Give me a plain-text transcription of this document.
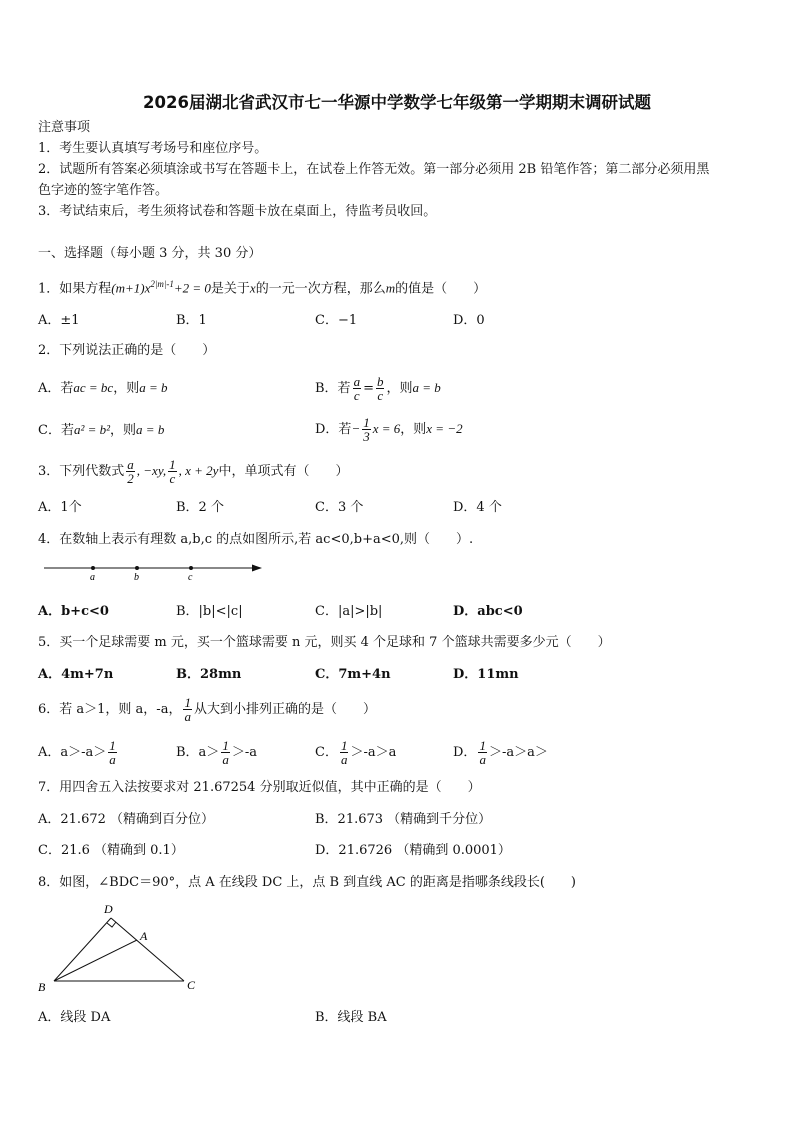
2026届湖北省武汉市七一华源中学数学七年级第一学期期末调研试题
注意事项
1．考生要认真填写考场号和座位序号。
2．试题所有答案必须填涂或书写在答题卡上，在试卷上作答无效。第一部分必须用 2B 铅笔作答；第二部分必须用黑
色字迹的签字笔作答。
3．考试结束后，考生须将试卷和答题卡放在桌面上，待监考员收回。
一、选择题（每小题 3 分，共 30 分）
1．如果方程$(m+1)x^{2|m|-1}+2 = 0$是关于x的一元一次方程，那么m的值是（　　）
A．±1	B．1	C．−1	D．0
2．下列说法正确的是（　　）
A．若ac = bc，则a = b	B．若 $\frac{a}{c} = \frac{b}{c}$ ，则a = b
C．若a² = b²，则a = b	D．若− $\frac{1}{3}$ x = 6，则x = −2
3．下列代数式 $\frac{a}{2}$ , −xy, $\frac{1}{c}$ , x + 2y中，单项式有（　　）
A．1个	B．2 个	C．3 个	D．4 个
4．在数轴上表示有理数 a,b,c 的点如图所示,若 ac<0,b+a<0,则（　　）.
a	b	c
A．b+c<0	B．|b|<|c|	C．|a|>|b|	D．abc<0
5．买一个足球需要 m 元，买一个篮球需要 n 元，则买 4 个足球和 7 个篮球共需要多少元（　　）
A．4m+7n	B．28mn	C．7m+4n	D．11mn
6．若 a＞1，则 a，-a， $\frac{1}{a}$ 从大到小排列正确的是（　　）
A．$a>-a> \frac{1}{a}$	B．$a> \frac{1}{a} >-a$	C． $\frac{1}{a} >-a>a$	D． $\frac{1}{a} >-a>a>$
7．用四舍五入法按要求对 21.67254 分别取近似值，其中正确的是（　　）
A．21.672 （精确到百分位）	B．21.673 （精确到千分位）
C．21.6 （精确到 0.1）	D．21.6726 （精确到 0.0001）
8．如图，∠BDC＝90°，点 A 在线段 DC 上，点 B 到直线 AC 的距离是指哪条线段长(　　)
D
A
B	C
A．线段 DA	B．线段 BA
